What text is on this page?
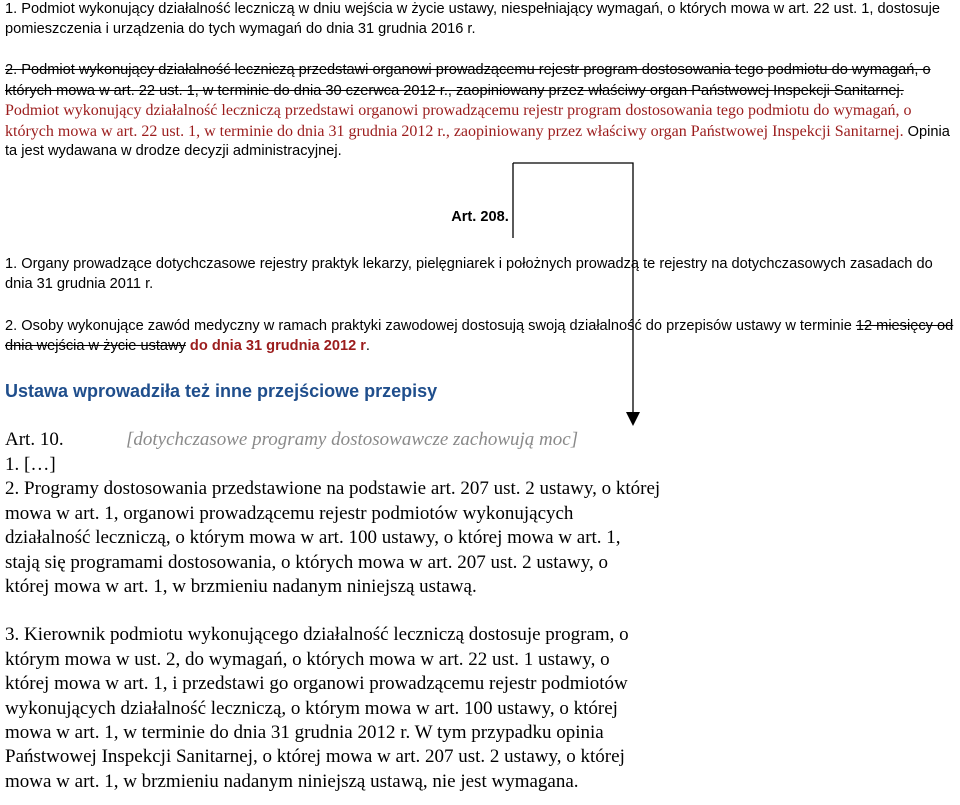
1. Podmiot wykonujący działalność leczniczą w dniu wejścia w życie ustawy, niespełniający wymagań, o których mowa w art. 22 ust. 1, dostosuje pomieszczenia i urządzenia do tych wymagań do dnia 31 grudnia 2016 r.

2. Podmiot wykonujący działalność leczniczą przedstawi organowi prowadzącemu rejestr program dostosowania tego podmiotu do wymagań, o których mowa w art. 22 ust. 1, w terminie do dnia 30 czerwca 2012 r., zaopiniowany przez właściwy organ Państwowej Inspekcji Sanitarnej. Podmiot wykonujący działalność leczniczą przedstawi organowi prowadzącemu rejestr program dostosowania tego podmiotu do wymagań, o których mowa w art. 22 ust. 1, w terminie do dnia 31 grudnia 2012 r., zaopiniowany przez właściwy organ Państwowej Inspekcji Sanitarnej. Opinia ta jest wydawana w drodze decyzji administracyjnej.

Art. 208.

1. Organy prowadzące dotychczasowe rejestry praktyk lekarzy, pielęgniarek i położnych prowadzą te rejestry na dotychczasowych zasadach do dnia 31 grudnia 2011 r.

2. Osoby wykonujące zawód medyczny w ramach praktyki zawodowej dostosują swoją działalność do przepisów ustawy w terminie 12 miesięcy od dnia wejścia w życie ustawy do dnia 31 grudnia 2012 r.

Ustawa wprowadziła też inne przejściowe przepisy
Art. 10.	[dotychczasowe programy dostosowawcze zachowują moc]

1. […]

2. Programy dostosowania przedstawione na podstawie art. 207 ust. 2 ustawy, o której

mowa w art. 1, organowi prowadzącemu rejestr podmiotów wykonujących

działalność leczniczą, o którym mowa w art. 100 ustawy, o której mowa w art. 1,

stają się programami dostosowania, o których mowa w art. 207 ust. 2 ustawy, o

której mowa w art. 1, w brzmieniu nadanym niniejszą ustawą.

3. Kierownik podmiotu wykonującego działalność leczniczą dostosuje program, o

którym mowa w ust. 2, do wymagań, o których mowa w art. 22 ust. 1 ustawy, o

której mowa w art. 1, i przedstawi go organowi prowadzącemu rejestr podmiotów

wykonujących działalność leczniczą, o którym mowa w art. 100 ustawy, o której

mowa w art. 1, w terminie do dnia 31 grudnia 2012 r. W tym przypadku opinia

Państwowej Inspekcji Sanitarnej, o której mowa w art. 207 ust. 2 ustawy, o której

mowa w art. 1, w brzmieniu nadanym niniejszą ustawą, nie jest wymagana.
